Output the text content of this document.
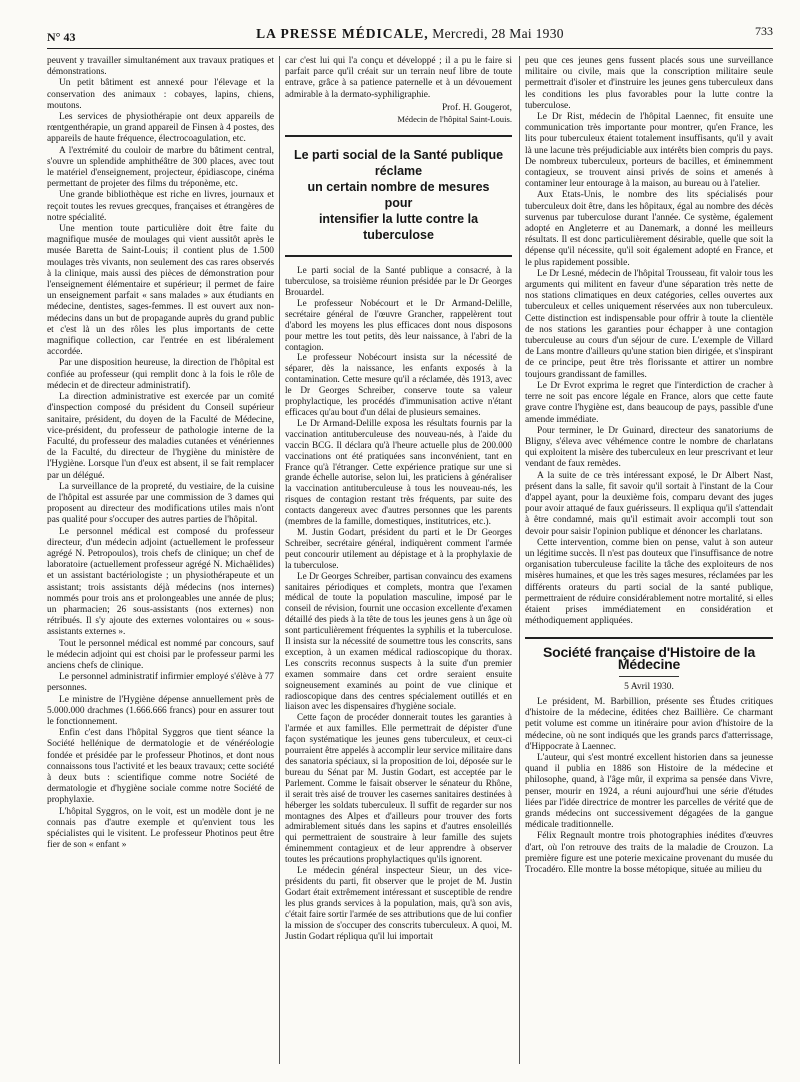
N° 43	LA PRESSE MÉDICALE, Mercredi, 28 Mai 1930	733

peuvent y travailler simultanément aux travaux pratiques et démonstrations.

Un petit bâtiment est annexé pour l'élevage et la conservation des animaux : cobayes, lapins, chiens, moutons.

Les services de physiothérapie ont deux appareils de rœntgenthérapie, un grand appareil de Finsen à 4 postes, des appareils de haute fréquence, électrocoagulation, etc.

A l'extrémité du couloir de marbre du bâtiment central, s'ouvre un splendide amphithéâtre de 300 places, avec tout le matériel d'enseignement, projecteur, épidiascope, cinéma permettant de projeter des films du tréponème, etc.

Une grande bibliothèque est riche en livres, journaux et reçoit toutes les revues grecques, françaises et étrangères de notre spécialité.

Une mention toute particulière doit être faite du magnifique musée de moulages qui vient aussitôt après le musée Baretta de Saint-Louis; il contient plus de 1.500 moulages très vivants, non seulement des cas rares observés à la clinique, mais aussi des pièces de démonstration pour l'enseignement élémentaire et supérieur; il permet de faire un enseignement parfait « sans malades » aux étudiants en médecine, dentistes, sages-femmes. Il est ouvert aux non-médecins dans un but de propagande auprès du grand public et c'est là un des rôles les plus importants de cette magnifique collection, car l'entrée en est libéralement accordée.

Par une disposition heureuse, la direction de l'hôpital est confiée au professeur (qui remplit donc à la fois le rôle de médecin et de directeur administratif).

La direction administrative est exercée par un comité d'inspection composé du président du Conseil supérieur sanitaire, président, du doyen de la Faculté de Médecine, vice-président, du professeur de pathologie interne de la Faculté, du professeur des maladies cutanées et vénériennes de la Faculté, du directeur de l'hygiène du ministère de l'Hygiène. Lorsque l'un d'eux est absent, il se fait remplacer par un délégué.

La surveillance de la propreté, du vestiaire, de la cuisine de l'hôpital est assurée par une commission de 3 dames qui proposent au directeur des modifications utiles mais n'ont pas qualité pour s'occuper des autres parties de l'hôpital.

Le personnel médical est composé du professeur directeur, d'un médecin adjoint (actuellement le professeur agrégé N. Petropoulos), trois chefs de clinique; un chef de laboratoire (actuellement professeur agrégé N. Michaëlides) et un assistant bactériologiste ; un physiothérapeute et un assistant; trois assistants déjà médecins (nos internes) nommés pour trois ans et prolongeables une année de plus; un pharmacien; 26 sous-assistants (nos externes) non rétribués. Il s'y ajoute des externes volontaires ou « sous-assistants externes ».

Tout le personnel médical est nommé par concours, sauf le médecin adjoint qui est choisi par le professeur parmi les anciens chefs de clinique.

Le personnel administratif infirmier employé s'élève à 77 personnes.

Le ministre de l'Hygiène dépense annuellement près de 5.000.000 drachmes (1.666.666 francs) pour en assurer tout le fonctionnement.

Enfin c'est dans l'hôpital Syggros que tient séance la Société hellénique de dermatologie et de vénéréologie fondée et présidée par le professeur Photinos, et dont nous connaissons tous l'activité et les beaux travaux; cette société à deux buts : scientifique comme notre Société de dermatologie et d'hygiène sociale comme notre Société de prophylaxie.

L'hôpital Syggros, on le voit, est un modèle dont je ne connais pas d'autre exemple et qu'envient tous les spécialistes qui le visitent. Le professeur Photinos peut être fier de son « enfant »

car c'est lui qui l'a conçu et développé ; il a pu le faire si parfait parce qu'il créait sur un terrain neuf libre de toute entrave, grâce à sa patience paternelle et à un dévouement admirable à la dermato-syphiligraphie.

Prof. H. Gougerot,

Médecin de l'hôpital Saint-Louis.

Le parti social de la Santé publique
réclame
un certain nombre de mesures
pour
intensifier la lutte contre la tuberculose

Le parti social de la Santé publique a consacré, à la tuberculose, sa troisième réunion présidée par le Dr Georges Brouardel.

Le professeur Nobécourt et le Dr Armand-Delille, secrétaire général de l'œuvre Grancher, rappelèrent tout d'abord les moyens les plus efficaces dont nous disposons pour mettre les tout petits, dès leur naissance, à l'abri de la contagion.

Le professeur Nobécourt insista sur la nécessité de séparer, dès la naissance, les enfants exposés à la contamination. Cette mesure qu'il a réclamée, dès 1913, avec le Dr Georges Schreiber, conserve toute sa valeur prophylactique, les procédés d'immunisation active n'étant efficaces qu'au bout d'un délai de plusieurs semaines.

Le Dr Armand-Delille exposa les résultats fournis par la vaccination antituberculeuse des nouveau-nés, à l'aide du vaccin BCG. Il déclara qu'à l'heure actuelle plus de 200.000 vaccinations ont été pratiquées sans inconvénient, tant en France qu'à l'étranger. Cette expérience pratique sur une si grande échelle autorise, selon lui, les praticiens à généraliser la vaccination antituberculeuse à tous les nouveau-nés, les risques de contagion restant très fréquents, par suite des contacts dangereux avec d'autres personnes que les parents (membres de la famille, domestiques, institutrices, etc.).

M. Justin Godart, président du parti et le Dr Georges Schreiber, secrétaire général, indiquèrent comment l'armée peut concourir utilement au dépistage et à la prophylaxie de la tuberculose.

Le Dr Georges Schreiber, partisan convaincu des examens sanitaires périodiques et complets, montra que l'examen médical de toute la population masculine, imposé par le conseil de révision, fournit une occasion excellente d'examen détaillé des pieds à la tête de tous les jeunes gens à un âge où sont particulièrement fréquentes la syphilis et la tuberculose. Il insista sur la nécessité de soumettre tous les conscrits, sans exception, à un examen médical radioscopique du thorax. Les conscrits reconnus suspects à la suite d'un premier examen sommaire dans cet ordre seraient ensuite soigneusement examinés au point de vue clinique et radioscopique dans des centres spécialement outillés et en liaison avec les dispensaires d'hygiène sociale.

Cette façon de procéder donnerait toutes les garanties à l'armée et aux familles. Elle permettrait de dépister d'une façon systématique les jeunes gens tuberculeux, et ceux-ci pourraient être appelés à accomplir leur service militaire dans des sanatoria spéciaux, si la proposition de loi, déposée sur le bureau du Sénat par M. Justin Godart, est acceptée par le Parlement. Comme le faisait observer le sénateur du Rhône, il serait très aisé de trouver les casernes sanitaires destinées à héberger les soldats tuberculeux. Il suffit de regarder sur nos montagnes des Alpes et d'ailleurs pour trouver des forts admirablement situés dans les sapins et d'autres ensoleillés qui permettraient de soustraire à leur famille des sujets éminemment contagieux et de leur apprendre à observer toutes les précautions prophylactiques qu'ils ignorent.

Le médecin général inspecteur Sieur, un des vice-présidents du parti, fit observer que le projet de M. Justin Godart était extrêmement intéressant et susceptible de rendre les plus grands services à la population, mais, qu'à son avis, c'était faire sortir l'armée de ses attributions que de lui confier la mission de s'occuper des conscrits tuberculeux. A quoi, M. Justin Godart répliqua qu'il lui importait

peu que ces jeunes gens fussent placés sous une surveillance militaire ou civile, mais que la conscription militaire seule permettrait d'isoler et d'instruire les jeunes gens tuberculeux dans les conditions les plus favorables pour la lutte contre la tuberculose.

Le Dr Rist, médecin de l'hôpital Laennec, fit ensuite une communication très importante pour montrer, qu'en France, les lits pour tuberculeux étaient totalement insuffisants, qu'il y avait là une lacune très préjudiciable aux intérêts bien compris du pays. De nombreux tuberculeux, porteurs de bacilles, et éminemment contagieux, se trouvent ainsi privés de soins et amenés à contaminer leur entourage à la maison, au bureau ou à l'atelier.

Aux Etats-Unis, le nombre des lits spécialisés pour tuberculeux doit être, dans les hôpitaux, égal au nombre des décès survenus par tuberculose durant l'année. Ce système, également adopté en Angleterre et au Danemark, a donné les meilleurs résultats. Il est donc particulièrement désirable, quelle que soit la dépense qu'il nécessite, qu'il soit également adopté en France, et le plus rapidement possible.

Le Dr Lesné, médecin de l'hôpital Trousseau, fit valoir tous les arguments qui militent en faveur d'une séparation très nette de nos stations climatiques en deux catégories, celles ouvertes aux tuberculeux et celles uniquement réservées aux non tuberculeux. Cette distinction est indispensable pour offrir à toute la clientèle de nos stations les garanties pour échapper à une contagion tuberculeuse au cours d'un séjour de cure. L'exemple de Villard de Lans montre d'ailleurs qu'une station bien dirigée, et s'inspirant de ce principe, peut être très florissante et attirer un nombre toujours grandissant de familles.

Le Dr Evrot exprima le regret que l'interdiction de cracher à terre ne soit pas encore légale en France, alors que cette faute grave contre l'hygiène est, dans beaucoup de pays, passible d'une amende immédiate.

Pour terminer, le Dr Guinard, directeur des sanatoriums de Bligny, s'éleva avec véhémence contre le nombre de charlatans qui exploitent la misère des tuberculeux en leur prescrivant et leur vendant de faux remèdes.

A la suite de ce très intéressant exposé, le Dr Albert Nast, présent dans la salle, fit savoir qu'il sortait à l'instant de la Cour d'appel ayant, pour la deuxième fois, comparu devant des juges pour avoir attaqué de faux guérisseurs. Il expliqua qu'il s'attendait à être condamné, mais qu'il estimait avoir accompli tout son devoir pour saisir l'opinion publique et dénoncer les charlatans.

Cette intervention, comme bien on pense, valut à son auteur un légitime succès. Il n'est pas douteux que l'insuffisance de notre organisation tuberculeuse facilite la tâche des exploiteurs de nos misères humaines, et que les très sages mesures, réclamées par les différents orateurs du parti social de la santé publique, permettraient de réduire considérablement notre mortalité, si elles étaient prises immédiatement en considération et méthodiquement appliquées.

Société française d'Histoire de la Médecine
5 Avril 1930.

Le président, M. Barbillion, présente ses Études critiques d'histoire de la médecine, éditées chez Baillière. Ce charmant petit volume est comme un itinéraire pour avion d'histoire de la médecine, où ne sont indiqués que les grands parcs d'atterrissage, d'Hippocrate à Laennec.

L'auteur, qui s'est montré excellent historien dans sa jeunesse quand il publia en 1886 son Histoire de la médecine et philosophe, quand, à l'âge mûr, il exprima sa pensée dans Vivre, penser, mourir en 1924, a réuni aujourd'hui une série d'études liées par l'idée directrice de montrer les parcelles de vérité que de grands médecins ont successivement dégagées de la gangue médicale traditionnelle.

Félix Regnault montre trois photographies inédites d'œuvres d'art, où l'on retrouve des traits de la maladie de Crouzon. La première figure est une poterie mexicaine provenant du musée du Trocadéro. Elle montre la bosse métopique, située au milieu du
